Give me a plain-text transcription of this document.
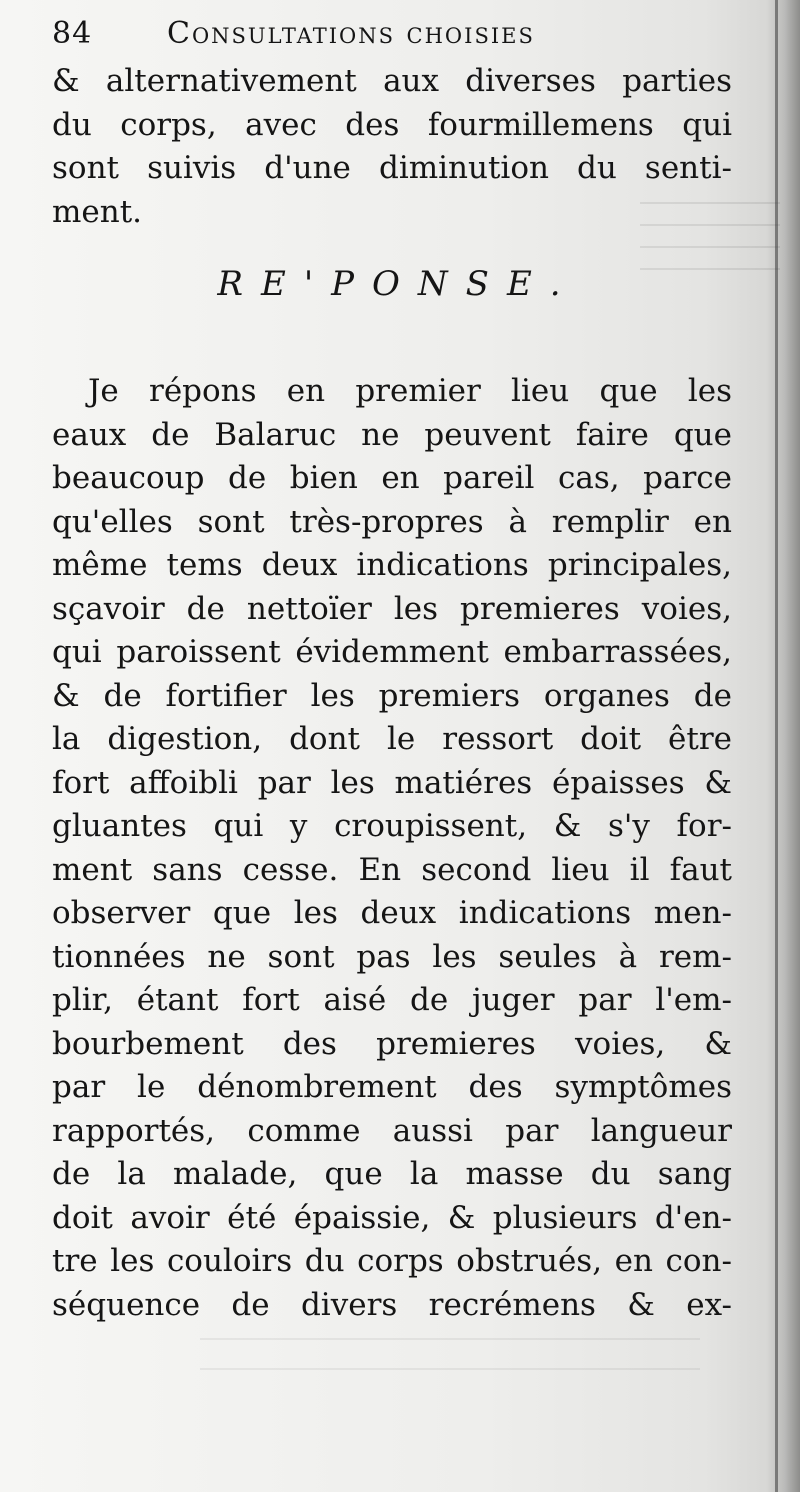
84	Consultations choisies
& alternativement aux diverses parties
du corps, avec des fourmillemens qui
sont suivis d'une diminution du senti-
ment.
RE'PONSE.
Je répons en premier lieu que les
eaux de Balaruc ne peuvent faire que
beaucoup de bien en pareil cas, parce
qu'elles sont très-propres à remplir en
même tems deux indications principales,
sçavoir de nettoïer les premieres voies,
qui paroissent évidemment embarrassées,
& de fortifier les premiers organes de
la digestion, dont le ressort doit être
fort affoibli par les matiéres épaisses &
gluantes qui y croupissent, & s'y for-
ment sans cesse. En second lieu il faut
observer que les deux indications men-
tionnées ne sont pas les seules à rem-
plir, étant fort aisé de juger par l'em-
bourbement des premieres voies, &
par le dénombrement des symptômes
rapportés, comme aussi par langueur
de la malade, que la masse du sang
doit avoir été épaissie, & plusieurs d'en-
tre les couloirs du corps obstrués, en con-
séquence de divers recrémens & ex-
